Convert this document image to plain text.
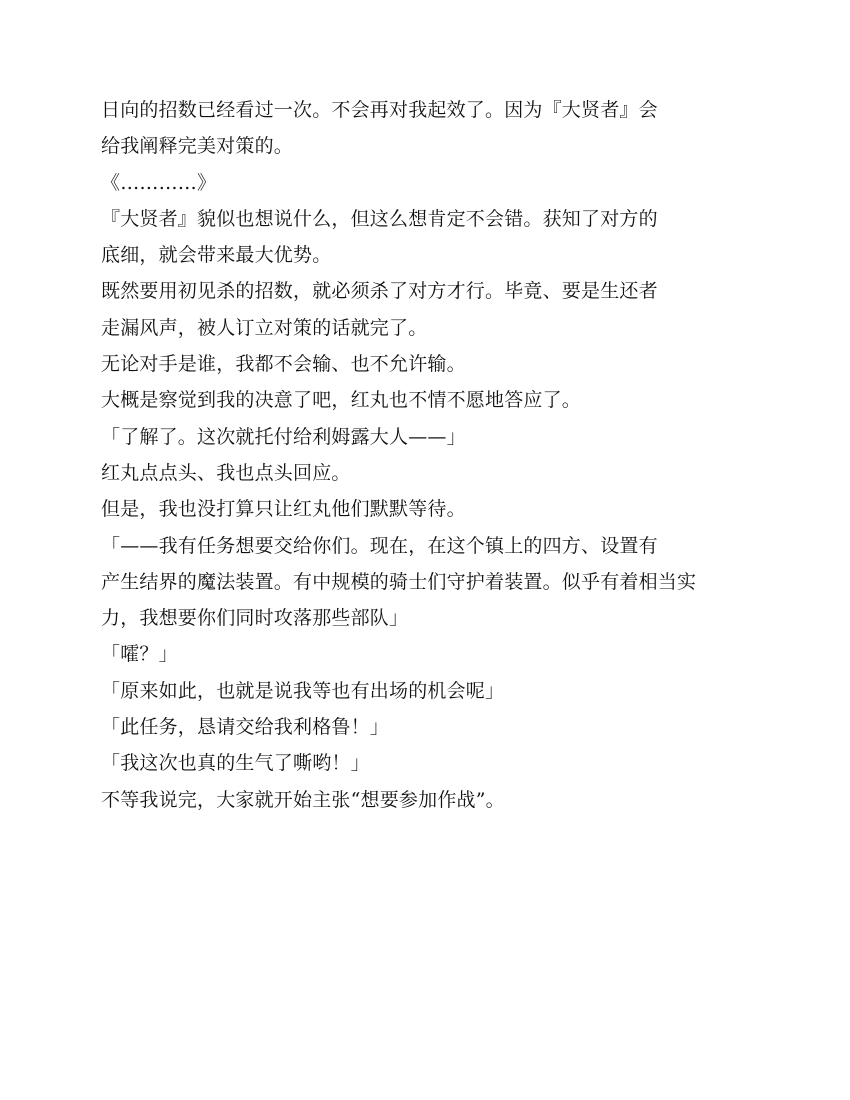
日向的招数已经看过一次。不会再对我起效了。因为『大贤者』会
给我阐释完美对策的。
《…………》
『大贤者』貌似也想说什么，但这么想肯定不会错。获知了对方的
底细，就会带来最大优势。
既然要用初见杀的招数，就必须杀了对方才行。毕竟、要是生还者
走漏风声，被人订立对策的话就完了。
无论对手是谁，我都不会输、也不允许输。
大概是察觉到我的决意了吧，红丸也不情不愿地答应了。
「了解了。这次就托付给利姆露大人——」
红丸点点头、我也点头回应。
但是，我也没打算只让红丸他们默默等待。
「——我有任务想要交给你们。现在，在这个镇上的四方、设置有
产生结界的魔法装置。有中规模的骑士们守护着装置。似乎有着相当实
力，我想要你们同时攻落那些部队」
「嚯？」
「原来如此，也就是说我等也有出场的机会呢」
「此任务，恳请交给我利格鲁！」
「我这次也真的生气了嘶哟！」
不等我说完，大家就开始主张“想要参加作战”。
